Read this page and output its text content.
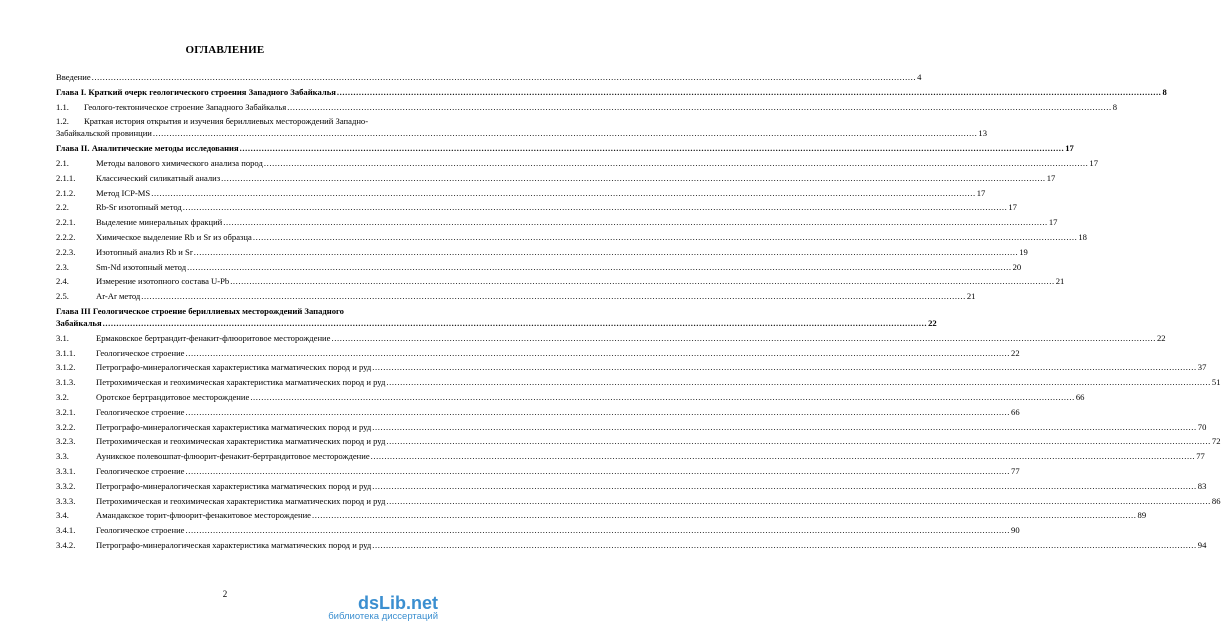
ОГЛАВЛЕНИЕ
Введение ............................................................................................................................................................................................................................................................................................................ 4
Глава I. Краткий очерк геологического строения Западного Забайкалья ............................................................................................................................................................................................................................................................................................................ 8
1.1.	Геолого-тектоническое строение Западного Забайкалья ............................................................................................................................................................................................................................................................................................................ 8
1.2.	Краткая история открытия и изучения бериллиевых месторождений Западно-
Забайкальской провинции ............................................................................................................................................................................................................................................................................................................ 13
Глава II. Аналитические методы исследования ............................................................................................................................................................................................................................................................................................................ 17
2.1.	Методы валового химического анализа пород ............................................................................................................................................................................................................................................................................................................ 17
2.1.1.	Классический силикатный анализ ............................................................................................................................................................................................................................................................................................................ 17
2.1.2.	Метод ICP-MS ............................................................................................................................................................................................................................................................................................................ 17
2.2.	Rb-Sr изотопный метод ............................................................................................................................................................................................................................................................................................................ 17
2.2.1.	Выделение минеральных фракций ............................................................................................................................................................................................................................................................................................................ 17
2.2.2.	Химическое выделение Rb и Sr из образца ............................................................................................................................................................................................................................................................................................................ 18
2.2.3.	Изотопный анализ Rb и Sr ............................................................................................................................................................................................................................................................................................................ 19
2.3.	Sm-Nd изотопный метод ............................................................................................................................................................................................................................................................................................................ 20
2.4.	Измерение изотопного состава U-Pb ............................................................................................................................................................................................................................................................................................................ 21
2.5.	Ar-Ar метод ............................................................................................................................................................................................................................................................................................................ 21
Глава III Геологическое строение бериллиевых месторождений Западного
Забайкалья ............................................................................................................................................................................................................................................................................................................ 22
3.1.	Ермаковское бертрандит-фенакит-флюоритовое месторождение ............................................................................................................................................................................................................................................................................................................ 22
3.1.1.	Геологическое строение ............................................................................................................................................................................................................................................................................................................ 22
3.1.2.	Петрографо-минералогическая характеристика магматических пород и руд ............................................................................................................................................................................................................................................................................................................ 37
3.1.3.	Петрохимическая и геохимическая характеристика магматических пород и руд ............................................................................................................................................................................................................................................................................................................ 51
3.2.	Оротское бертрандитовое месторождение ............................................................................................................................................................................................................................................................................................................ 66
3.2.1.	Геологическое строение ............................................................................................................................................................................................................................................................................................................ 66
3.2.2.	Петрографо-минералогическая характеристика магматических пород и руд ............................................................................................................................................................................................................................................................................................................ 70
3.2.3.	Петрохимическая и геохимическая характеристика магматических пород и руд ............................................................................................................................................................................................................................................................................................................ 72
3.3.	Ауникское полевошпат-флюорит-фенакит-бертрандитовое месторождение ............................................................................................................................................................................................................................................................................................................ 77
3.3.1.	Геологическое строение ............................................................................................................................................................................................................................................................................................................ 77
3.3.2.	Петрографо-минералогическая характеристика магматических пород и руд ............................................................................................................................................................................................................................................................................................................ 83
3.3.3.	Петрохимическая и геохимическая характеристика магматических пород и руд ............................................................................................................................................................................................................................................................................................................ 86
3.4.	Амандакское торит-флюорит-фенакитовое месторождение ............................................................................................................................................................................................................................................................................................................ 89
3.4.1.	Геологическое строение ............................................................................................................................................................................................................................................................................................................ 90
3.4.2.	Петрографо-минералогическая характеристика магматических пород и руд ............................................................................................................................................................................................................................................................................................................ 94
2	dsLib.net
библиотека диссертаций
